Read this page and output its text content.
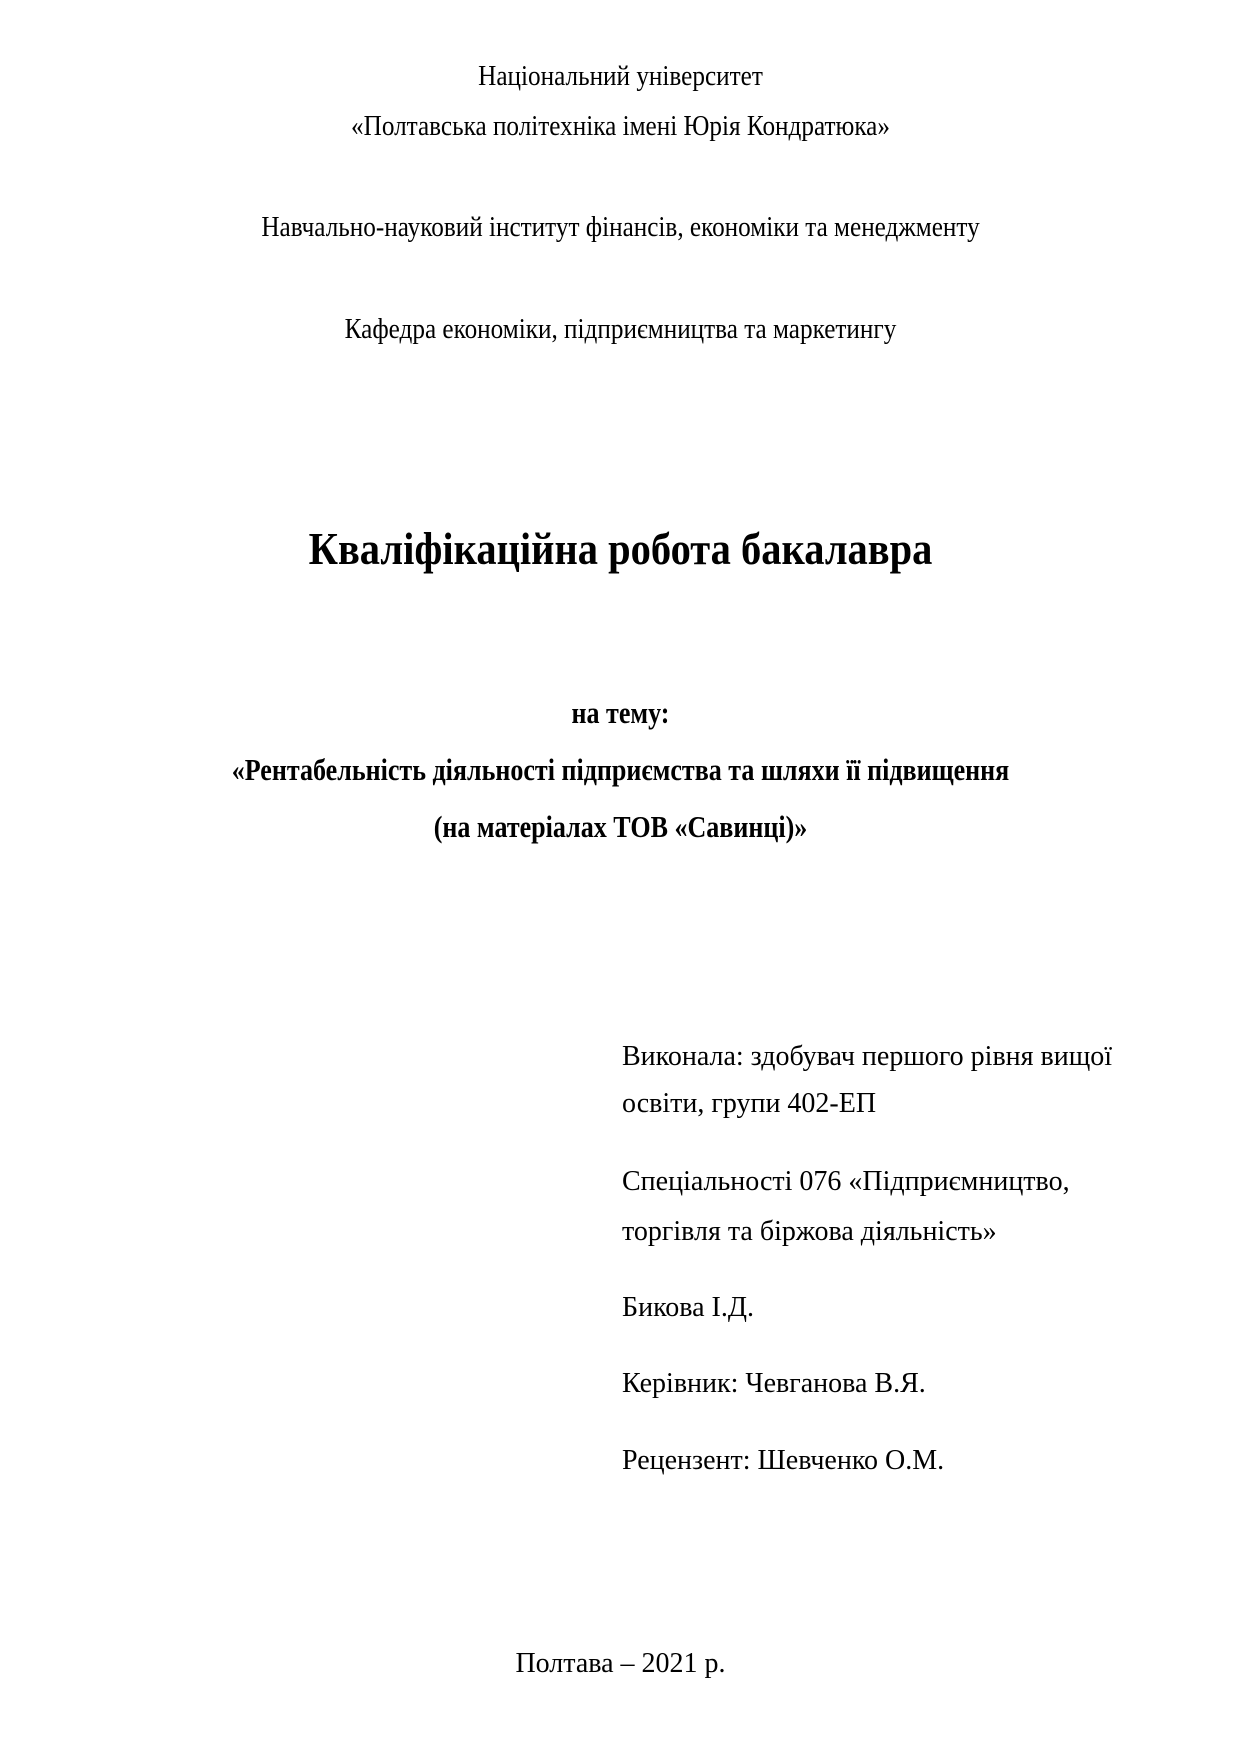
Національний університет
«Полтавська політехніка імені Юрія Кондратюка»
Навчально-науковий інститут фінансів, економіки та менеджменту
Кафедра економіки, підприємництва та маркетингу
Кваліфікаційна робота бакалавра
на тему:
«Рентабельність діяльності підприємства та шляхи її підвищення
(на матеріалах ТОВ «Савинці)»
Виконала: здобувач першого рівня вищої
освіти, групи 402-ЕП
Спеціальності 076 «Підприємництво,
торгівля та біржова діяльність»
Бикова І.Д.
Керівник: Чевганова В.Я.
Рецензент: Шевченко О.М.
Полтава – 2021 р.
